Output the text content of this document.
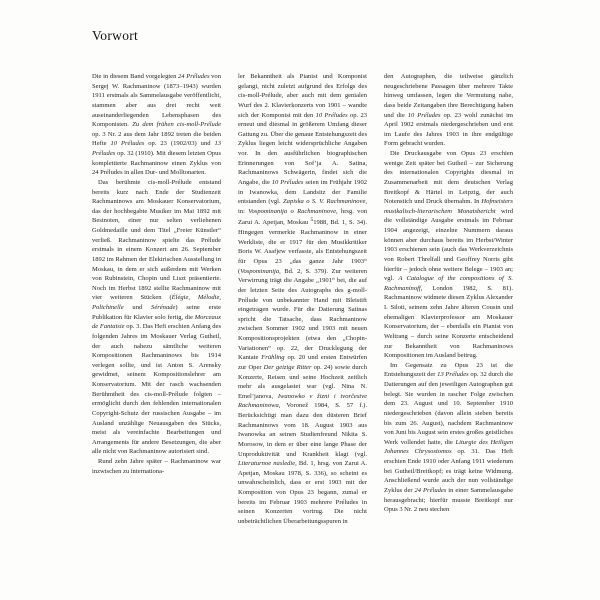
Vorwort

Die in diesem Band vorgelegten 24 Préludes von Sergej W. Rachmaninow (1873–1943) wurden 1911 erstmals als Sammelausgabe veröffentlicht, stammen aber aus drei recht weit auseinanderliegenden Lebensphasen des Komponisten. Zu dem frühen cis-moll-Prélude op. 3 Nr. 2 aus dem Jahr 1892 treten die beiden Hefte 10 Préludes op. 23 (1902/03) und 13 Préludes op. 32 (1910). Mit diesem letzten Opus komplettierte Rachmaninow einen Zyklus von 24 Préludes in allen Dur- und Molltonarten.

Das berühmte cis-moll-Prélude entstand bereits kurz nach Ende der Studienzeit Rachmaninows am Moskauer Konservatorium, das der hochbegabte Musiker im Mai 1892 mit Bestnoten, einer nur selten verliehenen Goldmedaille und dem Titel „Freier Künstler“ verließ. Rachmaninow spielte das Prélude erstmals in einem Konzert am 26. September 1892 im Rahmen der Elektrischen Ausstellung in Moskau, in dem er sich außerdem mit Werken von Rubinstein, Chopin und Liszt präsentierte. Noch im Herbst 1892 stellte Rachmaninow mit vier weiteren Stücken (Élégie, Mélodie, Polichinelle und Sérénade) seine erste Publikation für Klavier solo fertig, die Morceaux de Fantaisie op. 3. Das Heft erschien Anfang des folgenden Jahres im Moskauer Verlag Gutheil, der auch nahezu sämtliche weiteren Kompositionen Rachmaninows bis 1914 verlegen sollte, und ist Anton S. Arensky gewidmet, seinem Kompositionslehrer am Konservatorium. Mit der rasch wachsenden Berühmtheit des cis-moll-Prélude folgten – ermöglicht durch den fehlenden internationalen Copyright-Schutz der russischen Ausgabe – im Ausland unzählige Neuausgaben des Stücks, meist als vereinfachte Bearbeitungen und Arrangements für andere Besetzungen, die aber alle nicht von Rachmaninow autorisiert sind.

Rund zehn Jahre später – Rachmaninow war inzwischen zu internationa-

ler Bekanntheit als Pianist und Komponist gelangt, nicht zuletzt aufgrund des Erfolgs des cis-moll-Prélude, aber auch mit dem genialen Wurf des 2. Klavierkonzerts von 1901 – wandte sich der Komponist mit den 10 Préludes op. 23 erneut und diesmal in größerem Umfang dieser Gattung zu. Über die genaue Entstehungszeit des Zyklus liegen leicht widersprüchliche Angaben vor. In den ausführlichen biographischen Erinnerungen von Sof’ja A. Satina, Rachmaninows Schwägerin, findet sich die Angabe, die 10 Préludes seien im Frühjahr 1902 in Iwanowka, dem Landsitz der Familie entstanden (vgl. Zapiska o S. V. Rachmaninove, in: Vospominanija o Rachmaninove, hrsg. von Zarui A. Apetjan, Moskau $^5$1988, Bd. 1, S. 34). Hingegen vermerkte Rachmaninow in einer Werkliste, die er 1917 für den Musikkritiker Boris W. Asafjew verfasste, als Entstehungszeit für Opus 23 „das ganze Jahr 1903“ (Vospominanija, Bd. 2, S. 379). Zur weiteren Verwirrung trägt die Angabe „1901“ bei, die auf der letzten Seite des Autographs des g-moll-Prélude von unbekannter Hand mit Bleistift eingetragen wurde. Für die Datierung Satinas spricht die Tatsache, dass Rachmaninow zwischen Sommer 1902 und 1903 mit neuen Kompositionsprojekten (etwa den „Chopin-Variationen“ op. 22, der Drucklegung der Kantate Frühling op. 20 und ersten Entwürfen zur Oper Der geizige Ritter op. 24) sowie durch Konzerte, Reisen und seine Hochzeit zeitlich mehr als ausgelastet war (vgl. Nina N. Emel’janova, Iwanowko v žizni i tvorčestve Rachmaninowa, Voronež 1984, S. 57 f.). Berücksichtigt man dazu den düsteren Brief Rachmaninows vom 18. August 1903 aus Iwanowka an seinen Studienfreund Nikita S. Morosow, in dem er über eine lange Phase der Unproduktivität und Krankheit klagt (vgl. Literaturnoe nasledie, Bd. 1, hrsg. von Zarui A. Apetjan, Moskau 1978, S. 336), so scheint es unwahrscheinlich, dass er erst 1903 mit der Komposition von Opus 23 begann, zumal er bereits im Februar 1903 mehrere Préludes in seinen Konzerten vortrug. Die nicht unbeträchtlichen Überarbeitungsspuren in

den Autographen, die teilweise gänzlich neugeschriebene Passagen über mehrere Takte hinweg umfassen, legen die Vermutung nahe, dass beide Zeitangaben ihre Berechtigung haben und die 10 Préludes op. 23 wohl zunächst im April 1902 erstmals niedergeschrieben und erst im Laufe des Jahres 1903 in ihre endgültige Form gebracht wurden.

Die Druckausgabe von Opus 23 erschien wenige Zeit später bei Gutheil – zur Sicherung des internationalen Copyrights diesmal in Zusammenarbeit mit dem deutschen Verlag Breitkopf & Härtel in Leipzig, der auch Notenstich und Druck übernahm. In Hofmeisters musikalisch-literarischem Monatsbericht wird die vollständige Ausgabe erstmals im Februar 1904 angezeigt, einzelne Nummern daraus können aber durchaus bereits im Herbst/Winter 1903 erschienen sein (auch das Werkverzeichnis von Robert Threlfall und Geoffrey Norris gibt hierfür – jedoch ohne weitere Belege – 1903 an; vgl. A Catalogue of the compositions of S. Rachmaninoff, London 1982, S. 81). Rachmaninow widmete diesen Zyklus Alexander I. Siloti, seinem zehn Jahre älteren Cousin und ehemaligen Klavierprofessor am Moskauer Konservatorium, der – ebenfalls ein Pianist von Weltrang – durch seine Konzerte entscheidend zur Bekanntheit von Rachmaninows Kompositionen im Ausland beitrug.

Im Gegensatz zu Opus 23 ist die Entstehungszeit der 13 Préludes op. 32 durch die Datierungen auf den jeweiligen Autographen gut belegt. Sie wurden in rascher Folge zwischen dem 23. August und 10. September 1910 niedergeschrieben (davon allein sieben bereits bis zum 26. August), nachdem Rachmaninow von Juni bis August sein erstes großes geistliches Werk vollendet hatte, die Liturgie des Heiligen Johannes Chrysostomos op. 31. Das Heft erschien Ende 1910 oder Anfang 1911 wiederum bei Gutheil/Breitkopf; es trägt keine Widmung. Anschließend wurde auch der nun vollständige Zyklus der 24 Préludes in einer Sammelausgabe herausgebracht; hierfür musste Breitkopf nur Opus 3 Nr. 2 neu stechen
